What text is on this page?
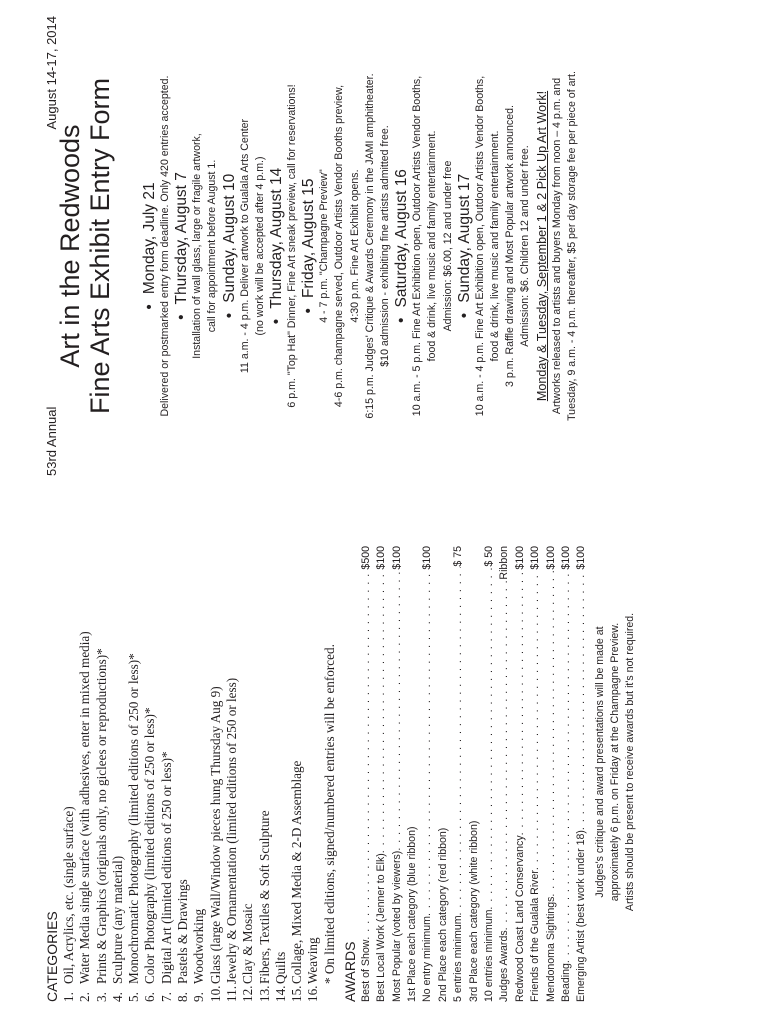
CATEGORIES 1.Oil, Acrylics, etc. (single surface)
2.Water Media single surface (with adhesives, enter in mixed media)
3.Prints & Graphics (originals only, no giclees or reproductions)*
4.Sculpture (any material)
5.Monochromatic Photography (limited editions of 250 or less)*
6.Color Photography (limited editions of 250 or less)*
7.Digital Art (limited editions of 250 or less)*
8.Pastels & Drawings
9.Woodworking
10.Glass (large Wall/Window pieces hung Thursday Aug 9)
11.Jewelry & Ornamentation (limited editions of 250 or less)
12.Clay & Mosaic
13.Fibers, Textiles & Soft Sculpture
14.Quilts
15.Collage, Mixed Media & 2-D Assemblage
16.Weaving * On limited editions, signed/numbered entries will be enforced. AWARDS Best of Show
. . .
$500
Best Local Work (Jenner to Elk)
. . .
$100
Most Popular (voted by viewers)
. . .
$100
1st Place each category (blue ribbon) No entry minimum
. . .
$100
2nd Place each category (red ribbon) 5 entries minimum
. . .
$ 75
3rd Place each category (white ribbon) 10 entries minimum
. . .
$ 50
Judges Awards
. . .
Ribbon
Redwood Coast Land Conservancy
. . .
$100
Friends of the Gualala River
. . .
$100
Mendonoma Sightings
. . .
$100
Beading
. . .
$100
Emerging Artist (best work under 18)
. . .
$100
Judges's critique and award presentations will be made at approximately 6 p.m. on Friday at the Champagne Preview. Artists should be present to receive awards but it's not required.
53rd Annual
August 14-17, 2014
Art in the Redwoods Fine Arts Exhibit Entry Form •Monday, July 21 Delivered or postmarked entry form deadline. Only 420 entries accepted. •Thursday, August 7 Installation of wall glass, large or fragile artwork, call for appointment before August 1. •Sunday, August 10 11 a.m. - 4 p.m. Deliver artwork to Gualala Arts Center (no work will be accepted after 4 p.m.) •Thursday, August 14 6 p.m. "Top Hat" Dinner, Fine Art sneak preview, call for reservations! •Friday, August 15 4 - 7 p.m. "Champagne Preview" 4-6 p.m. champagne served, Outdoor Artists Vendor Booths preview, 4:30 p.m. Fine Art Exhibit opens. 6:15 p.m. Judges' Critique & Awards Ceremony in the JAMI amphitheater. $10 admission - exhibiting fine artists admitted free. •Saturday, August 16 10 a.m. - 5 p.m. Fine Art Exhibition open, Outdoor Artists Vendor Booths, food & drink, live music and family entertainment. Admission: $6.00, 12 and under free •Sunday, August 17 10 a.m. - 4 p.m. Fine Art Exhibition open, Outdoor Artists Vendor Booths, food & drink, live music and family entertainment. 3 p.m. Raffle drawing and Most Popular artwork announced. Admission: $6. Children 12 and under free. Monday & Tuesday, September 1 & 2 Pick Up Art Work! Artworks released to artists and buyers Monday from noon – 4 p.m. and Tuesday, 9 a.m. - 4 p.m. thereafter, $5 per day storage fee per piece of art.
